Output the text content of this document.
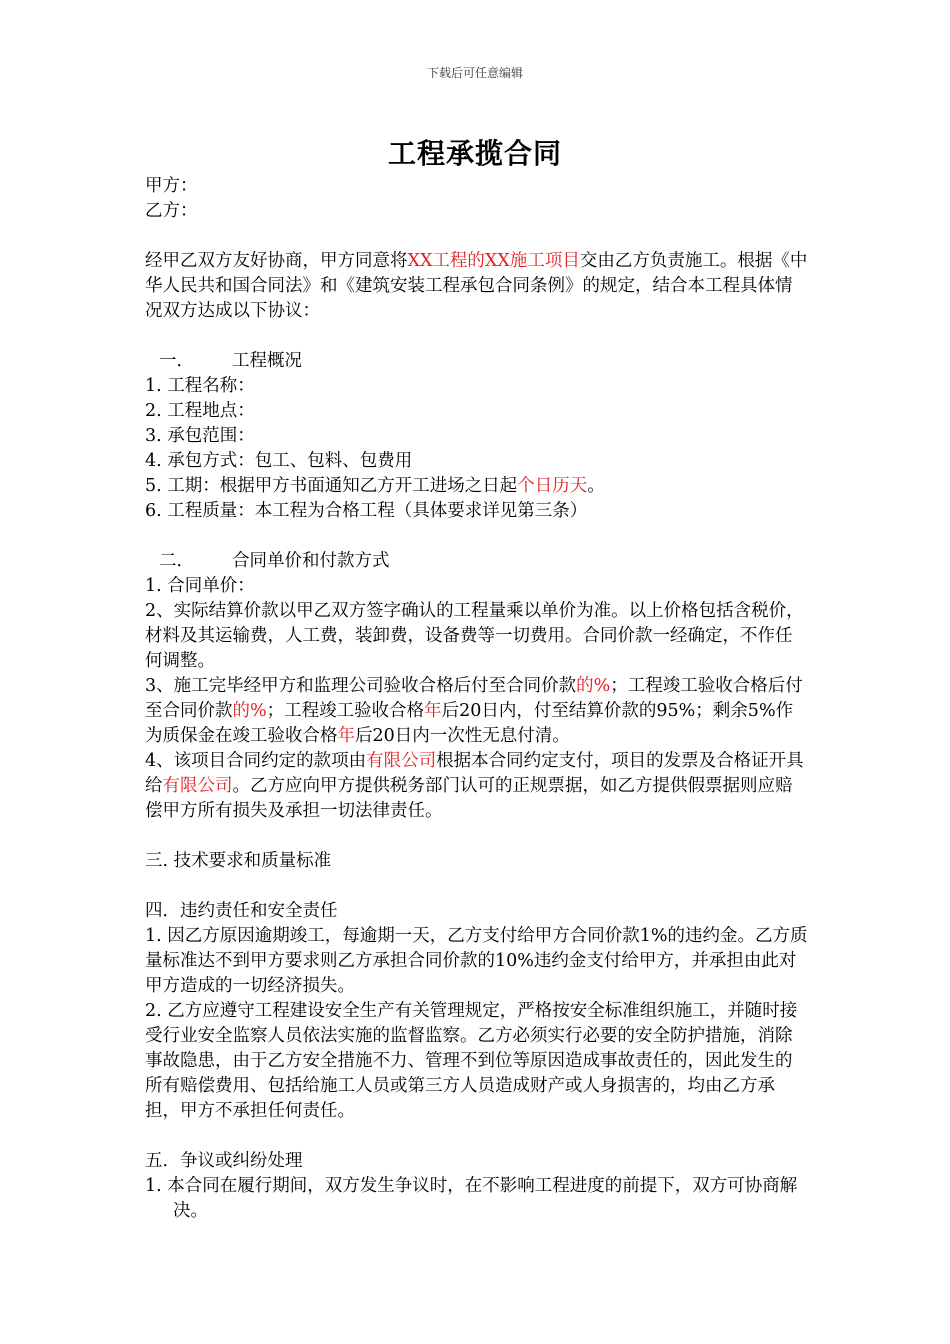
下载后可任意编辑
工程承揽合同

甲方：

乙方：

经甲乙双方友好协商，甲方同意将XX工程的XX施工项目交由乙方负责施工。根据《中华人民共和国合同法》和《建筑安装工程承包合同条例》的规定，结合本工程具体情况双方达成以下协议：

一． 工程概况

1. 工程名称：

2. 工程地点：

3. 承包范围：

4. 承包方式：包工、包料、包费用

5. 工期：根据甲方书面通知乙方开工进场之日起个日历天。

6. 工程质量：本工程为合格工程（具体要求详见第三条）

二． 合同单价和付款方式

1. 合同单价：

2、实际结算价款以甲乙双方签字确认的工程量乘以单价为准。以上价格包括含税价，材料及其运输费，人工费，装卸费，设备费等一切费用。合同价款一经确定，不作任何调整。

3、施工完毕经甲方和监理公司验收合格后付至合同价款的%；工程竣工验收合格后付至合同价款的%；工程竣工验收合格年后20日内，付至结算价款的95%；剩余5%作为质保金在竣工验收合格年后20日内一次性无息付清。

4、该项目合同约定的款项由有限公司根据本合同约定支付，项目的发票及合格证开具给有限公司。乙方应向甲方提供税务部门认可的正规票据，如乙方提供假票据则应赔偿甲方所有损失及承担一切法律责任。

三. 技术要求和质量标准

四．违约责任和安全责任

1. 因乙方原因逾期竣工，每逾期一天，乙方支付给甲方合同价款1%的违约金。乙方质量标准达不到甲方要求则乙方承担合同价款的10%违约金支付给甲方，并承担由此对甲方造成的一切经济损失。

2. 乙方应遵守工程建设安全生产有关管理规定，严格按安全标准组织施工，并随时接受行业安全监察人员依法实施的监督监察。乙方必须实行必要的安全防护措施，消除事故隐患，由于乙方安全措施不力、管理不到位等原因造成事故责任的，因此发生的所有赔偿费用、包括给施工人员或第三方人员造成财产或人身损害的，均由乙方承担，甲方不承担任何责任。

五．争议或纠纷处理

1. 本合同在履行期间，双方发生争议时，在不影响工程进度的前提下，双方可协商解决。
